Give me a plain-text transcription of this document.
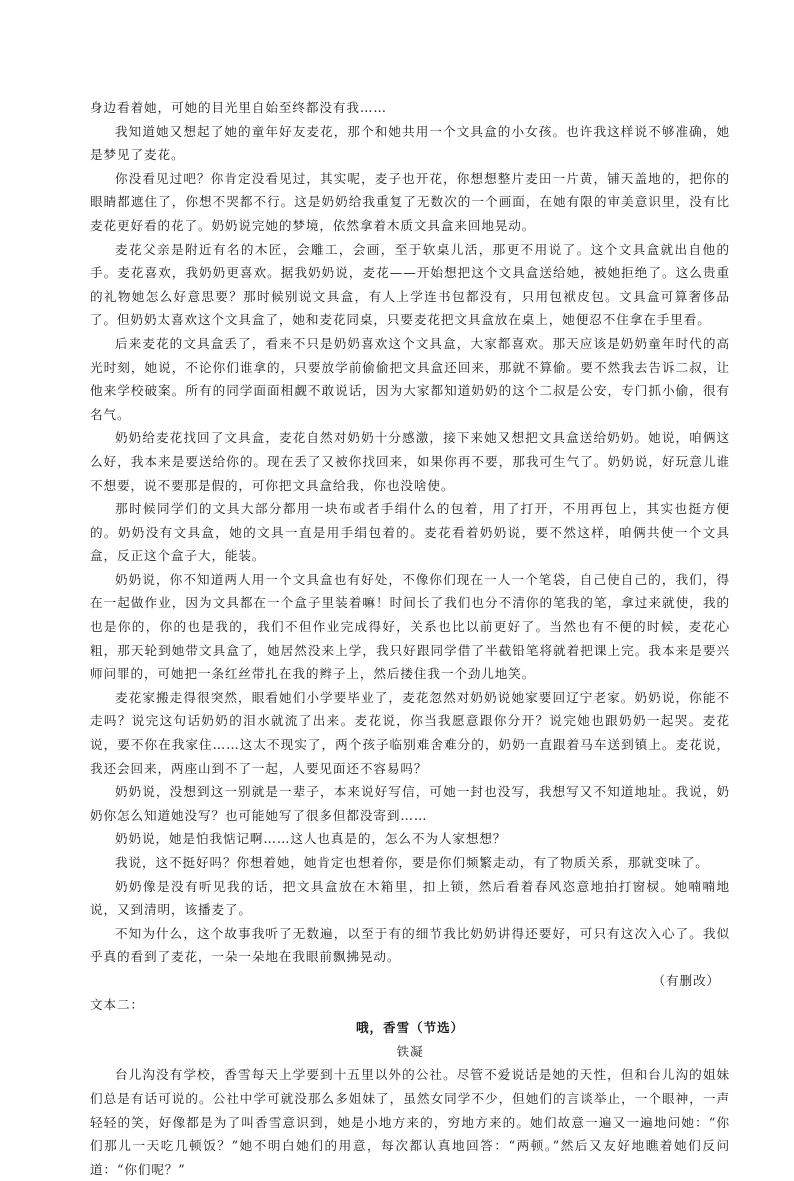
身边看着她，可她的目光里自始至终都没有我……

我知道她又想起了她的童年好友麦花，那个和她共用一个文具盒的小女孩。也许我这样说不够准确，她是梦见了麦花。

你没看见过吧？你肯定没看见过，其实呢，麦子也开花，你想想整片麦田一片黄，铺天盖地的，把你的眼睛都遮住了，你想不哭都不行。这是奶奶给我重复了无数次的一个画面，在她有限的审美意识里，没有比麦花更好看的花了。奶奶说完她的梦境，依然拿着木质文具盒来回地晃动。

麦花父亲是附近有名的木匠，会雕工，会画，至于软桌儿活，那更不用说了。这个文具盒就出自他的手。麦花喜欢，我奶奶更喜欢。据我奶奶说，麦花——开始想把这个文具盒送给她，被她拒绝了。这么贵重的礼物她怎么好意思要？那时候别说文具盒，有人上学连书包都没有，只用包袱皮包。文具盒可算奢侈品了。但奶奶太喜欢这个文具盒了，她和麦花同桌，只要麦花把文具盒放在桌上，她便忍不住拿在手里看。

后来麦花的文具盒丢了，看来不只是奶奶喜欢这个文具盒，大家都喜欢。那天应该是奶奶童年时代的高光时刻，她说，不论你们谁拿的，只要放学前偷偷把文具盒还回来，那就不算偷。要不然我去告诉二叔，让他来学校破案。所有的同学面面相觑不敢说话，因为大家都知道奶奶的这个二叔是公安，专门抓小偷，很有名气。

奶奶给麦花找回了文具盒，麦花自然对奶奶十分感激，接下来她又想把文具盒送给奶奶。她说，咱俩这么好，我本来是要送给你的。现在丢了又被你找回来，如果你再不要，那我可生气了。奶奶说，好玩意儿谁不想要，说不要那是假的，可你把文具盒给我，你也没啥使。

那时候同学们的文具大部分都用一块布或者手绢什么的包着，用了打开，不用再包上，其实也挺方便的。奶奶没有文具盒，她的文具一直是用手绢包着的。麦花看着奶奶说，要不然这样，咱俩共使一个文具盒，反正这个盒子大，能装。

奶奶说，你不知道两人用一个文具盒也有好处，不像你们现在一人一个笔袋，自己使自己的，我们，得在一起做作业，因为文具都在一个盒子里装着嘛！时间长了我们也分不清你的笔我的笔，拿过来就使，我的也是你的，你的也是我的，我们不但作业完成得好，关系也比以前更好了。当然也有不便的时候，麦花心粗，那天轮到她带文具盒了，她居然没来上学，我只好跟同学借了半截铅笔将就着把课上完。我本来是要兴师问罪的，可她把一条红丝带扎在我的辫子上，然后搂住我一个劲儿地笑。

麦花家搬走得很突然，眼看她们小学要毕业了，麦花忽然对奶奶说她家要回辽宁老家。奶奶说，你能不走吗？说完这句话奶奶的泪水就流了出来。麦花说，你当我愿意跟你分开？说完她也跟奶奶一起哭。麦花说，要不你在我家住……这太不现实了，两个孩子临别难舍难分的，奶奶一直跟着马车送到镇上。麦花说，我还会回来，两座山到不了一起，人要见面还不容易吗？

奶奶说，没想到这一别就是一辈子，本来说好写信，可她一封也没写，我想写又不知道地址。我说，奶奶你怎么知道她没写？也可能她写了很多但都没寄到……

奶奶说，她是怕我惦记啊……这人也真是的，怎么不为人家想想？

我说，这不挺好吗？你想着她，她肯定也想着你，要是你们频繁走动，有了物质关系，那就变味了。

奶奶像是没有听见我的话，把文具盒放在木箱里，扣上锁，然后看着春风恣意地拍打窗棂。她喃喃地说，又到清明，该播麦了。

不知为什么，这个故事我听了无数遍，以至于有的细节我比奶奶讲得还要好，可只有这次入心了。我似乎真的看到了麦花，一朵一朵地在我眼前飘拂晃动。

（有删改）

文本二：

哦，香雪（节选）

铁凝

台儿沟没有学校，香雪每天上学要到十五里以外的公社。尽管不爱说话是她的天性，但和台儿沟的姐妹们总是有话可说的。公社中学可就没那么多姐妹了，虽然女同学不少，但她们的言谈举止，一个眼神，一声轻轻的笑，好像都是为了叫香雪意识到，她是小地方来的，穷地方来的。她们故意一遍又一遍地问她：“你们那儿一天吃几顿饭？”她不明白她们的用意，每次都认真地回答：“两顿。”然后又友好地瞧着她们反问道：“你们呢？”
